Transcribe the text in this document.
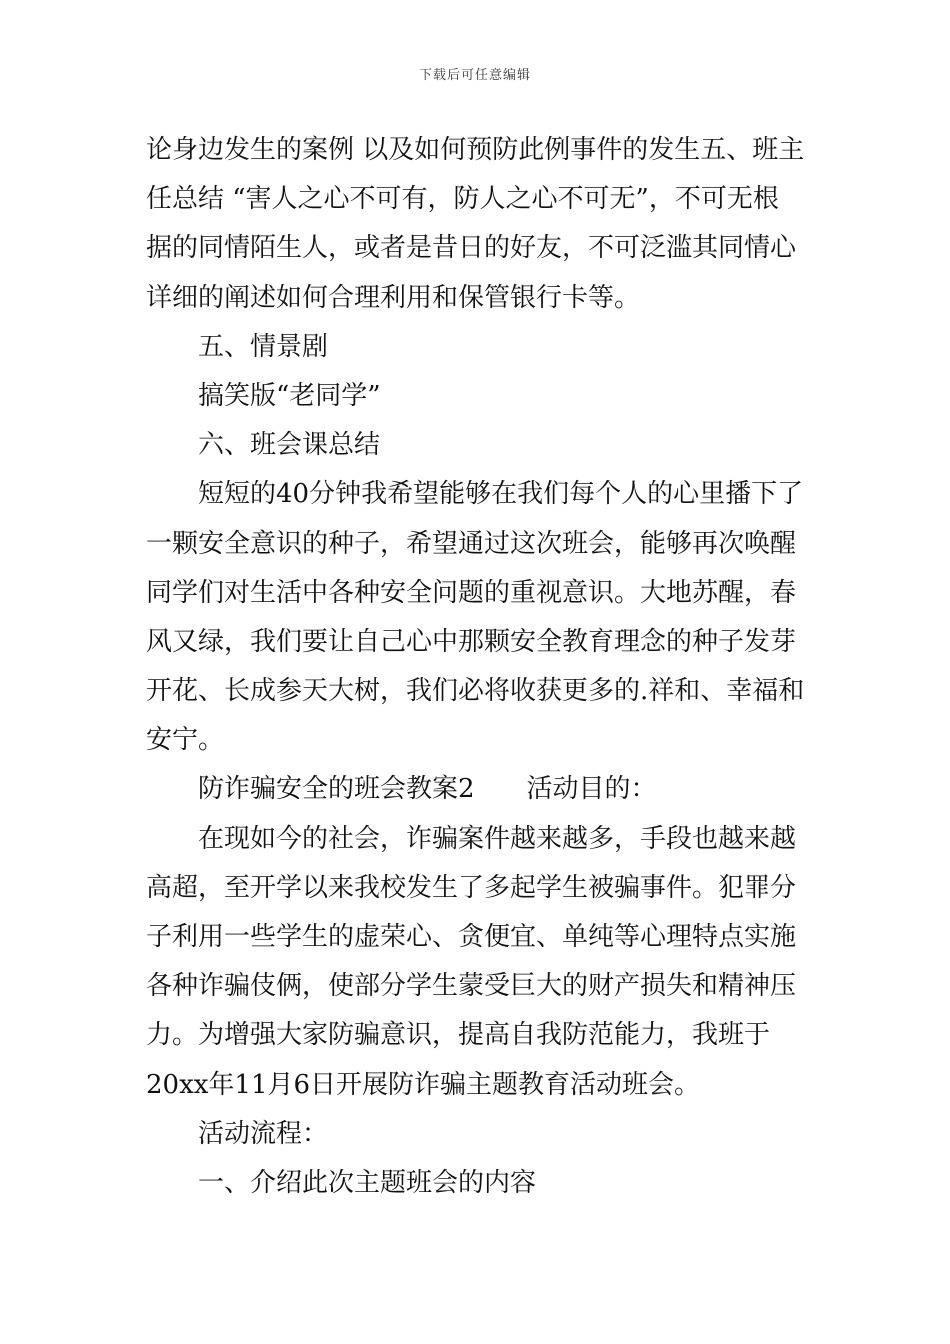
下载后可任意编辑
论身边发生的案例 以及如何预防此例事件的发生五、班主
任总结 “害人之心不可有，防人之心不可无”，不可无根
据的同情陌生人，或者是昔日的好友，不可泛滥其同情心
详细的阐述如何合理利用和保管银行卡等。
五、情景剧
搞笑版“老同学”
六、班会课总结
短短的40分钟我希望能够在我们每个人的心里播下了
一颗安全意识的种子，希望通过这次班会，能够再次唤醒
同学们对生活中各种安全问题的重视意识。大地苏醒，春
风又绿，我们要让自己心中那颗安全教育理念的种子发芽
开花、长成参天大树，我们必将收获更多的.祥和、幸福和
安宁。
防诈骗安全的班会教案2　　活动目的：
在现如今的社会，诈骗案件越来越多，手段也越来越
高超，至开学以来我校发生了多起学生被骗事件。犯罪分
子利用一些学生的虚荣心、贪便宜、单纯等心理特点实施
各种诈骗伎俩，使部分学生蒙受巨大的财产损失和精神压
力。为增强大家防骗意识，提高自我防范能力，我班于
20xx年11月6日开展防诈骗主题教育活动班会。
活动流程：
一、介绍此次主题班会的内容
